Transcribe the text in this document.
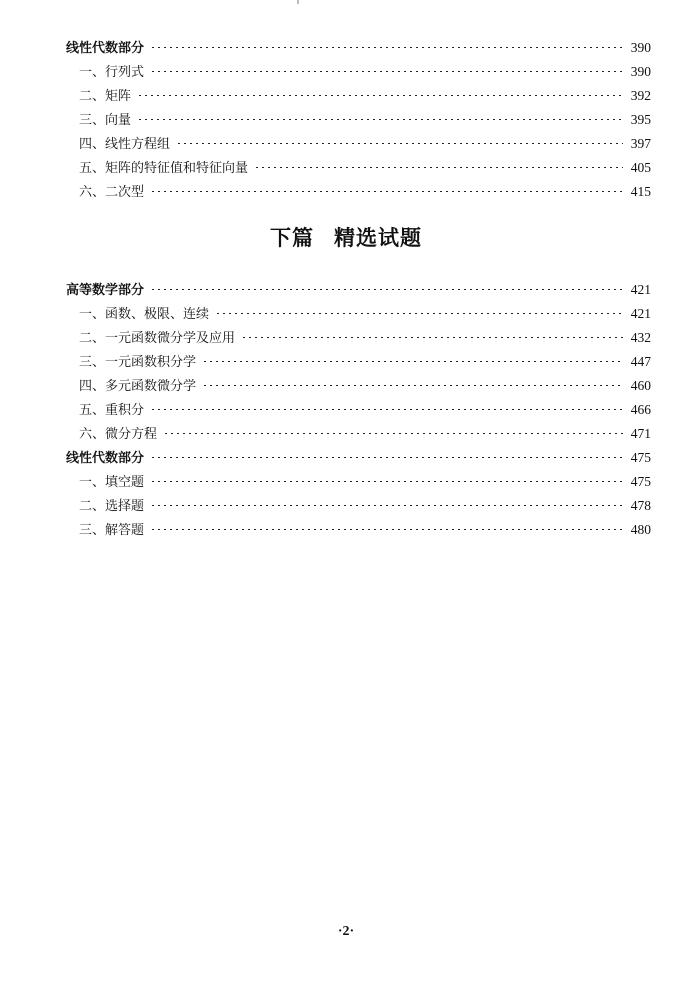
线性代数部分	390
一、行列式	390
二、矩阵	392
三、向量	395
四、线性方程组	397
五、矩阵的特征值和特征向量	405
六、二次型	415
下篇 精选试题
高等数学部分	421
一、函数、极限、连续	421
二、一元函数微分学及应用	432
三、一元函数积分学	447
四、多元函数微分学	460
五、重积分	466
六、微分方程	471
线性代数部分	475
一、填空题	475
二、选择题	478
三、解答题	480
·2·
